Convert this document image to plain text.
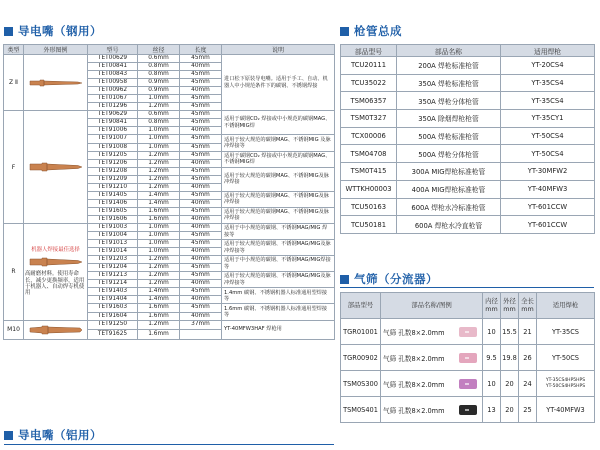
导电嘴（钢用）	枪管总成
气筛（分流器）
导电嘴（铝用）
类型	外形图例	型号	丝径	长度	说明
Z Ⅱ		TET00629	0.6mm	45mm	进口松下原装导电嘴。适用于手工、自动、机器人中小规范条件下的碳钢、不锈钢焊接
		TET00841	0.8mm	40mm	
		TET00843	0.8mm	45mm	
		TET00958	0.9mm	45mm	
		TET00962	0.9mm	40mm	
		TET01067	1.0mm	45mm	
		TET01296	1.2mm	45mm	
F		TET90629	0.6mm	45mm	适用于碳钢CO₂ 焊接或中小规范的碳钢MAG、不锈钢MIG焊
		TET90841	0.8mm	45mm	
		TET91006	1.0mm	40mm	
		TET91007	1.0mm	45mm	适用于较大规范的碳钢MAG、不锈钢MIG 及脉冲焊接等
		TET91008	1.0mm	45mm	
		TET91205	1.2mm	45mm	适用于碳钢CO₂ 焊接或中小规范的碳钢MAG、不锈钢MIG焊
		TET91206	1.2mm	40mm	
		TET91208	1.2mm	45mm	适用于较大规范的碳钢MAG、不锈钢MIG及脉冲焊接
		TET91209	1.2mm	45mm	
		TET91210	1.2mm	40mm	
		TET91405	1.4mm	45mm	适用于较大规范的碳钢MAG、不锈钢MIG及脉冲焊接
		TET91406	1.4mm	40mm	
		TET91605	1.6mm	45mm	适用于较大规范的碳钢MAG、不锈钢MIG及脉冲焊接
		TET91606	1.6mm	40mm	
R	机器人焊接最佳选择
高耐磨材料。使用寿命长，减少更换频率，适用于机器人、自动焊专机使用	TET91003	1.0mm	40mm	适用于中小规范的碳钢、不锈钢MAG/MIG 焊接等
		TET91004	1.0mm	45mm	
		TET91013	1.0mm	45mm	适用于较大规范的碳钢、不锈钢MAG/MIG及脉冲焊接等
		TET91014	1.0mm	40mm	
		TET91203	1.2mm	40mm	适用于中小规范的碳钢、不锈钢MAG/MIG焊接等
		TET91204	1.2mm	45mm	
		TET91213	1.2mm	45mm	适用于较大规范的碳钢、不锈钢MAG/MIG及脉冲焊接等
		TET91214	1.2mm	40mm	
		TET91403	1.4mm	45mm	1.4mm 碳钢、不锈钢机器人标准通用型焊接等
		TET91404	1.4mm	40mm	
		TET91603	1.6mm	45mm	1.6mm 碳钢、不锈钢机器人标准通用型焊接等
		TET91604	1.6mm	40mm	
M10		TET91250	1.2mm	37mm	YT-40MFW3HAF 焊枪用
		TET91625	1.6mm		
部品型号	部品名称	适用焊枪
TCU20111	200A 焊枪标准枪管	YT-20CS4
TCU35022	350A 焊枪标准枪管	YT-35CS4
TSM06357	350A 焊枪分体枪管	YT-35CS4
TSM0T327	350A 除烟焊枪枪管	YT-35CY1
TCX00006	500A 焊枪标准枪管	YT-50CS4
TSM04708	500A 焊枪分体枪管	YT-50CS4
TSM0T415	300A MIG焊枪标准枪管	YT-30MFW2
WTTKH00003	400A MIG焊枪标准枪管	YT-40MFW3
TCU50163	600A 焊枪水冷标准枪管	YT-601CCW
TCU50181	600A 焊枪水冷直枪管	YT-601CCW
部品型号	部品名称/图例	内径mm	外径mm	全长mm	适用焊枪
TGR01001	气筛 孔数8×2.0mm	10	15.5	21	YT-35CS
TGR00902	气筛 孔数8×2.0mm	9.5	19.8	26	YT-50CS
TSM0S300	气筛 孔数8×2.0mm	10	20	24	YT-35CS4HP5HPS
YT-50CS4HP5HPS

TSM0S401	气筛 孔数8×2.0mm	13	20	25	YT-40MFW3
